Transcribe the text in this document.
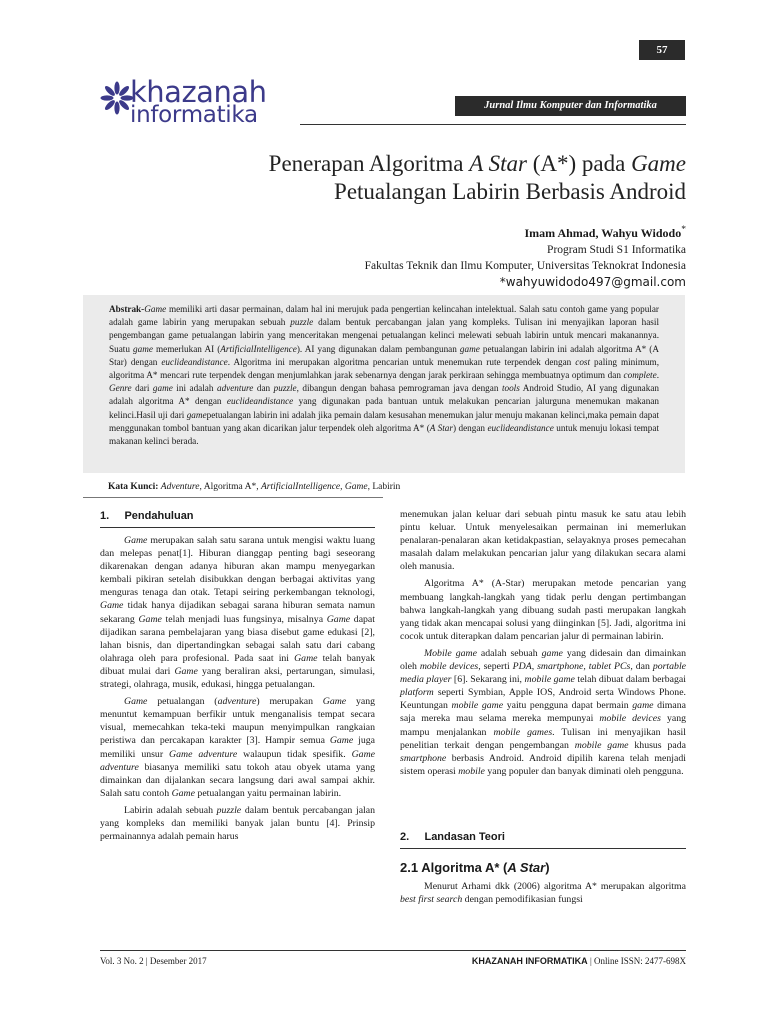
57
khazanah
informatika	Jurnal Ilmu Komputer dan Informatika
Penerapan Algoritma A Star (A*) pada Game
Petualangan Labirin Berbasis Android
Imam Ahmad, Wahyu Widodo*
Program Studi S1 Informatika
Fakultas Teknik dan Ilmu Komputer, Universitas Teknokrat Indonesia
*wahyuwidodo497@gmail.com
Abstrak-Game memiliki arti dasar permainan, dalam hal ini merujuk pada pengertian kelincahan intelektual. Salah satu contoh game yang popular adalah game labirin yang merupakan sebuah puzzle dalam bentuk percabangan jalan yang kompleks. Tulisan ini menyajikan laporan hasil pengembangan game petualangan labirin yang menceritakan mengenai petualangan kelinci melewati sebuah labirin untuk mencari makanannya. Suatu game memerlukan AI (ArtificialIntelligence). AI yang digunakan dalam pembangunan game petualangan labirin ini adalah algoritma A* (A Star) dengan euclideandistance. Algoritma ini merupakan algoritma pencarian untuk menemukan rute terpendek dengan cost paling minimum, algoritma A* mencari rute terpendek dengan menjumlahkan jarak sebenarnya dengan jarak perkiraan sehingga membuatnya optimum dan complete. Genre dari game ini adalah adventure dan puzzle, dibangun dengan bahasa pemrograman java dengan tools Android Studio, AI yang digunakan adalah algoritma A* dengan euclideandistance yang digunakan pada bantuan untuk melakukan pencarian jalurguna menemukan makanan kelinci.Hasil uji dari gamepetualangan labirin ini adalah jika pemain dalam kesusahan menemukan jalur menuju makanan kelinci,maka pemain dapat menggunakan tombol bantuan yang akan dicarikan jalur terpendek oleh algoritma A* (A Star) dengan euclideandistance untuk menuju lokasi tempat makanan kelinci berada.
Kata Kunci: Adventure, Algoritma A*, ArtificialIntelligence, Game, Labirin
1. Pendahuluan

Game merupakan salah satu sarana untuk mengisi waktu luang dan melepas penat[1]. Hiburan dianggap penting bagi seseorang dikarenakan dengan adanya hiburan akan mampu menyegarkan kembali pikiran setelah disibukkan dengan berbagai aktivitas yang menguras tenaga dan otak. Tetapi seiring perkembangan teknologi, Game tidak hanya dijadikan sebagai sarana hiburan semata namun sekarang Game telah menjadi luas fungsinya, misalnya Game dapat dijadikan sarana pembelajaran yang biasa disebut game edukasi [2], lahan bisnis, dan dipertandingkan sebagai salah satu dari cabang olahraga oleh para profesional. Pada saat ini Game telah banyak dibuat mulai dari Game yang beraliran aksi, pertarungan, simulasi, strategi, olahraga, musik, edukasi, hingga petualangan.

Game petualangan (adventure) merupakan Game yang menuntut kemampuan berfikir untuk menganalisis tempat secara visual, memecahkan teka-teki maupun menyimpulkan rangkaian peristiwa dan percakapan karakter [3]. Hampir semua Game juga memiliki unsur Game adventure walaupun tidak spesifik. Game adventure biasanya memiliki satu tokoh atau obyek utama yang dimainkan dan dijalankan secara langsung dari awal sampai akhir. Salah satu contoh Game petualangan yaitu permainan labirin.

Labirin adalah sebuah puzzle dalam bentuk percabangan jalan yang kompleks dan memiliki banyak jalan buntu [4]. Prinsip permainannya adalah pemain harus

menemukan jalan keluar dari sebuah pintu masuk ke satu atau lebih pintu keluar. Untuk menyelesaikan permainan ini memerlukan penalaran-penalaran akan ketidakpastian, selayaknya proses pemecahan masalah dalam melakukan pencarian jalur yang dilakukan secara alami oleh manusia.

Algoritma A* (A-Star) merupakan metode pencarian yang membuang langkah-langkah yang tidak perlu dengan pertimbangan bahwa langkah-langkah yang dibuang sudah pasti merupakan langkah yang tidak akan mencapai solusi yang diinginkan [5]. Jadi, algoritma ini cocok untuk diterapkan dalam pencarian jalur di permainan labirin.

Mobile game adalah sebuah game yang didesain dan dimainkan oleh mobile devices, seperti PDA, smartphone, tablet PCs, dan portable media player [6]. Sekarang ini, mobile game telah dibuat dalam berbagai platform seperti Symbian, Apple IOS, Android serta Windows Phone. Keuntungan mobile game yaitu pengguna dapat bermain game dimana saja mereka mau selama mereka mempunyai mobile devices yang mampu menjalankan mobile games. Tulisan ini menyajikan hasil penelitian terkait dengan pengembangan mobile game khusus pada smartphone berbasis Android. Android dipilih karena telah menjadi sistem operasi mobile yang populer dan banyak diminati oleh pengguna.

2. Landasan Teori
2.1 Algoritma A* (A Star)

Menurut Arhami dkk (2006) algoritma A* merupakan algoritma best first search dengan pemodifikasian fungsi

Vol. 3 No. 2 | Desember 2017	KHAZANAH INFORMATIKA | Online ISSN: 2477-698X
